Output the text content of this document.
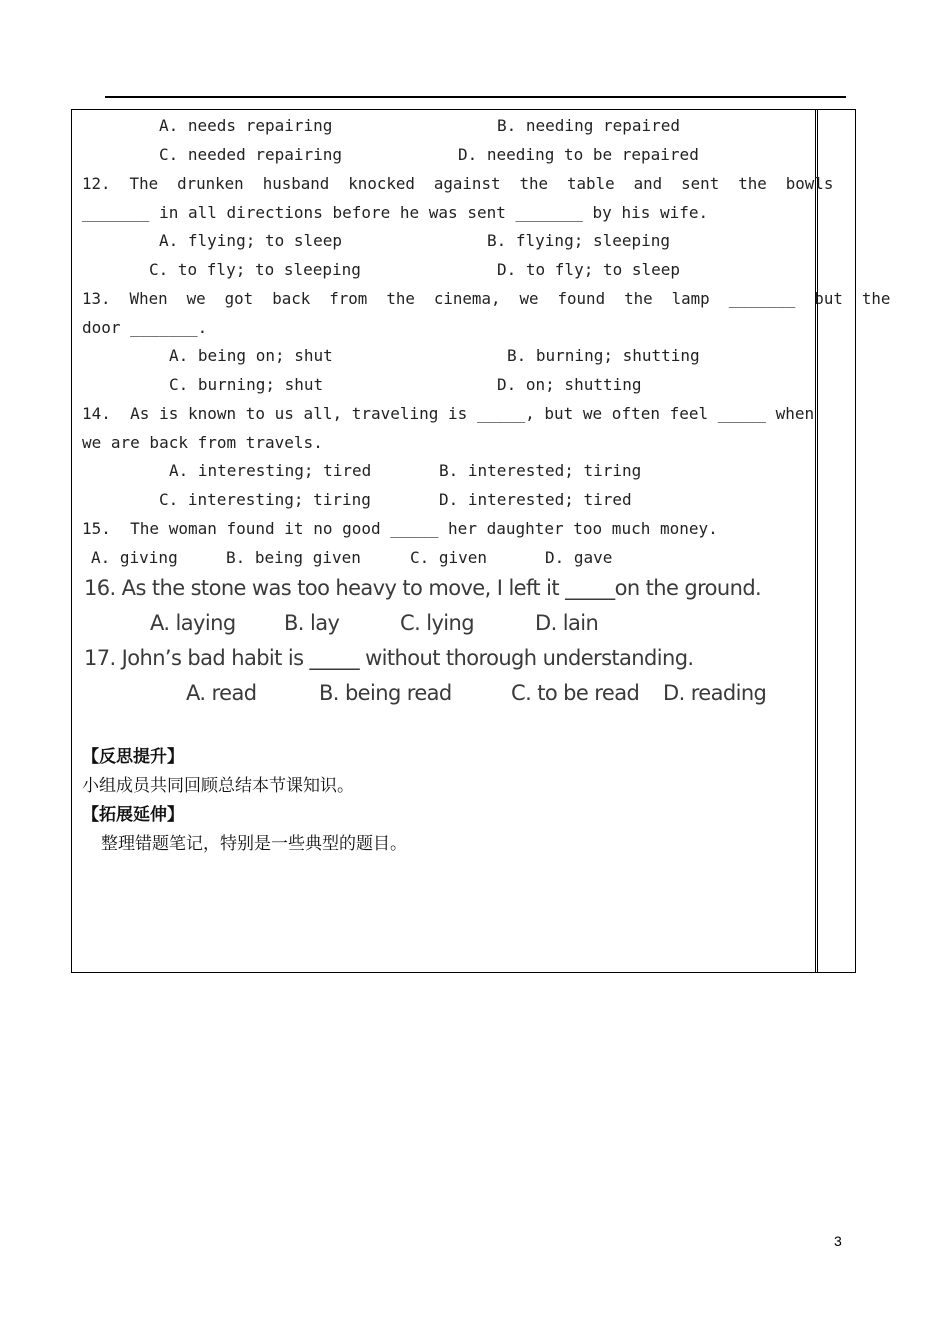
A. needs repairing	B. needing repaired
C. needed repairing	D. needing to be repaired
12.  The  drunken  husband  knocked  against  the  table  and  sent  the  bowls
_______ in all directions before he was sent _______ by his wife.
A. flying; to sleep	B. flying; sleeping
C. to fly; to sleeping	D. to fly; to sleep
13.  When  we  got  back  from  the  cinema,  we  found  the  lamp  _______  but  the
door _______.
A. being on; shut	B. burning; shutting
C. burning; shut	D. on; shutting
14.  As is known to us all, traveling is _____, but we often feel _____ when
we are back from travels.
A. interesting; tired	B. interested; tiring
C. interesting; tiring	D. interested; tired
15.  The woman found it no good _____ her daughter too much money.
A. giving	B. being given	C. given	D. gave
16. As the stone was too heavy to move, I left it _____on the ground.
A. laying B. lay	C. lying	D. lain
17. John’s bad habit is _____ without thorough understanding.
A. read	B. being read	C. to be read D. reading
【反思提升】
小组成员共同回顾总结本节课知识。
【拓展延伸】
整理错题笔记，特别是一些典型的题目。
3
